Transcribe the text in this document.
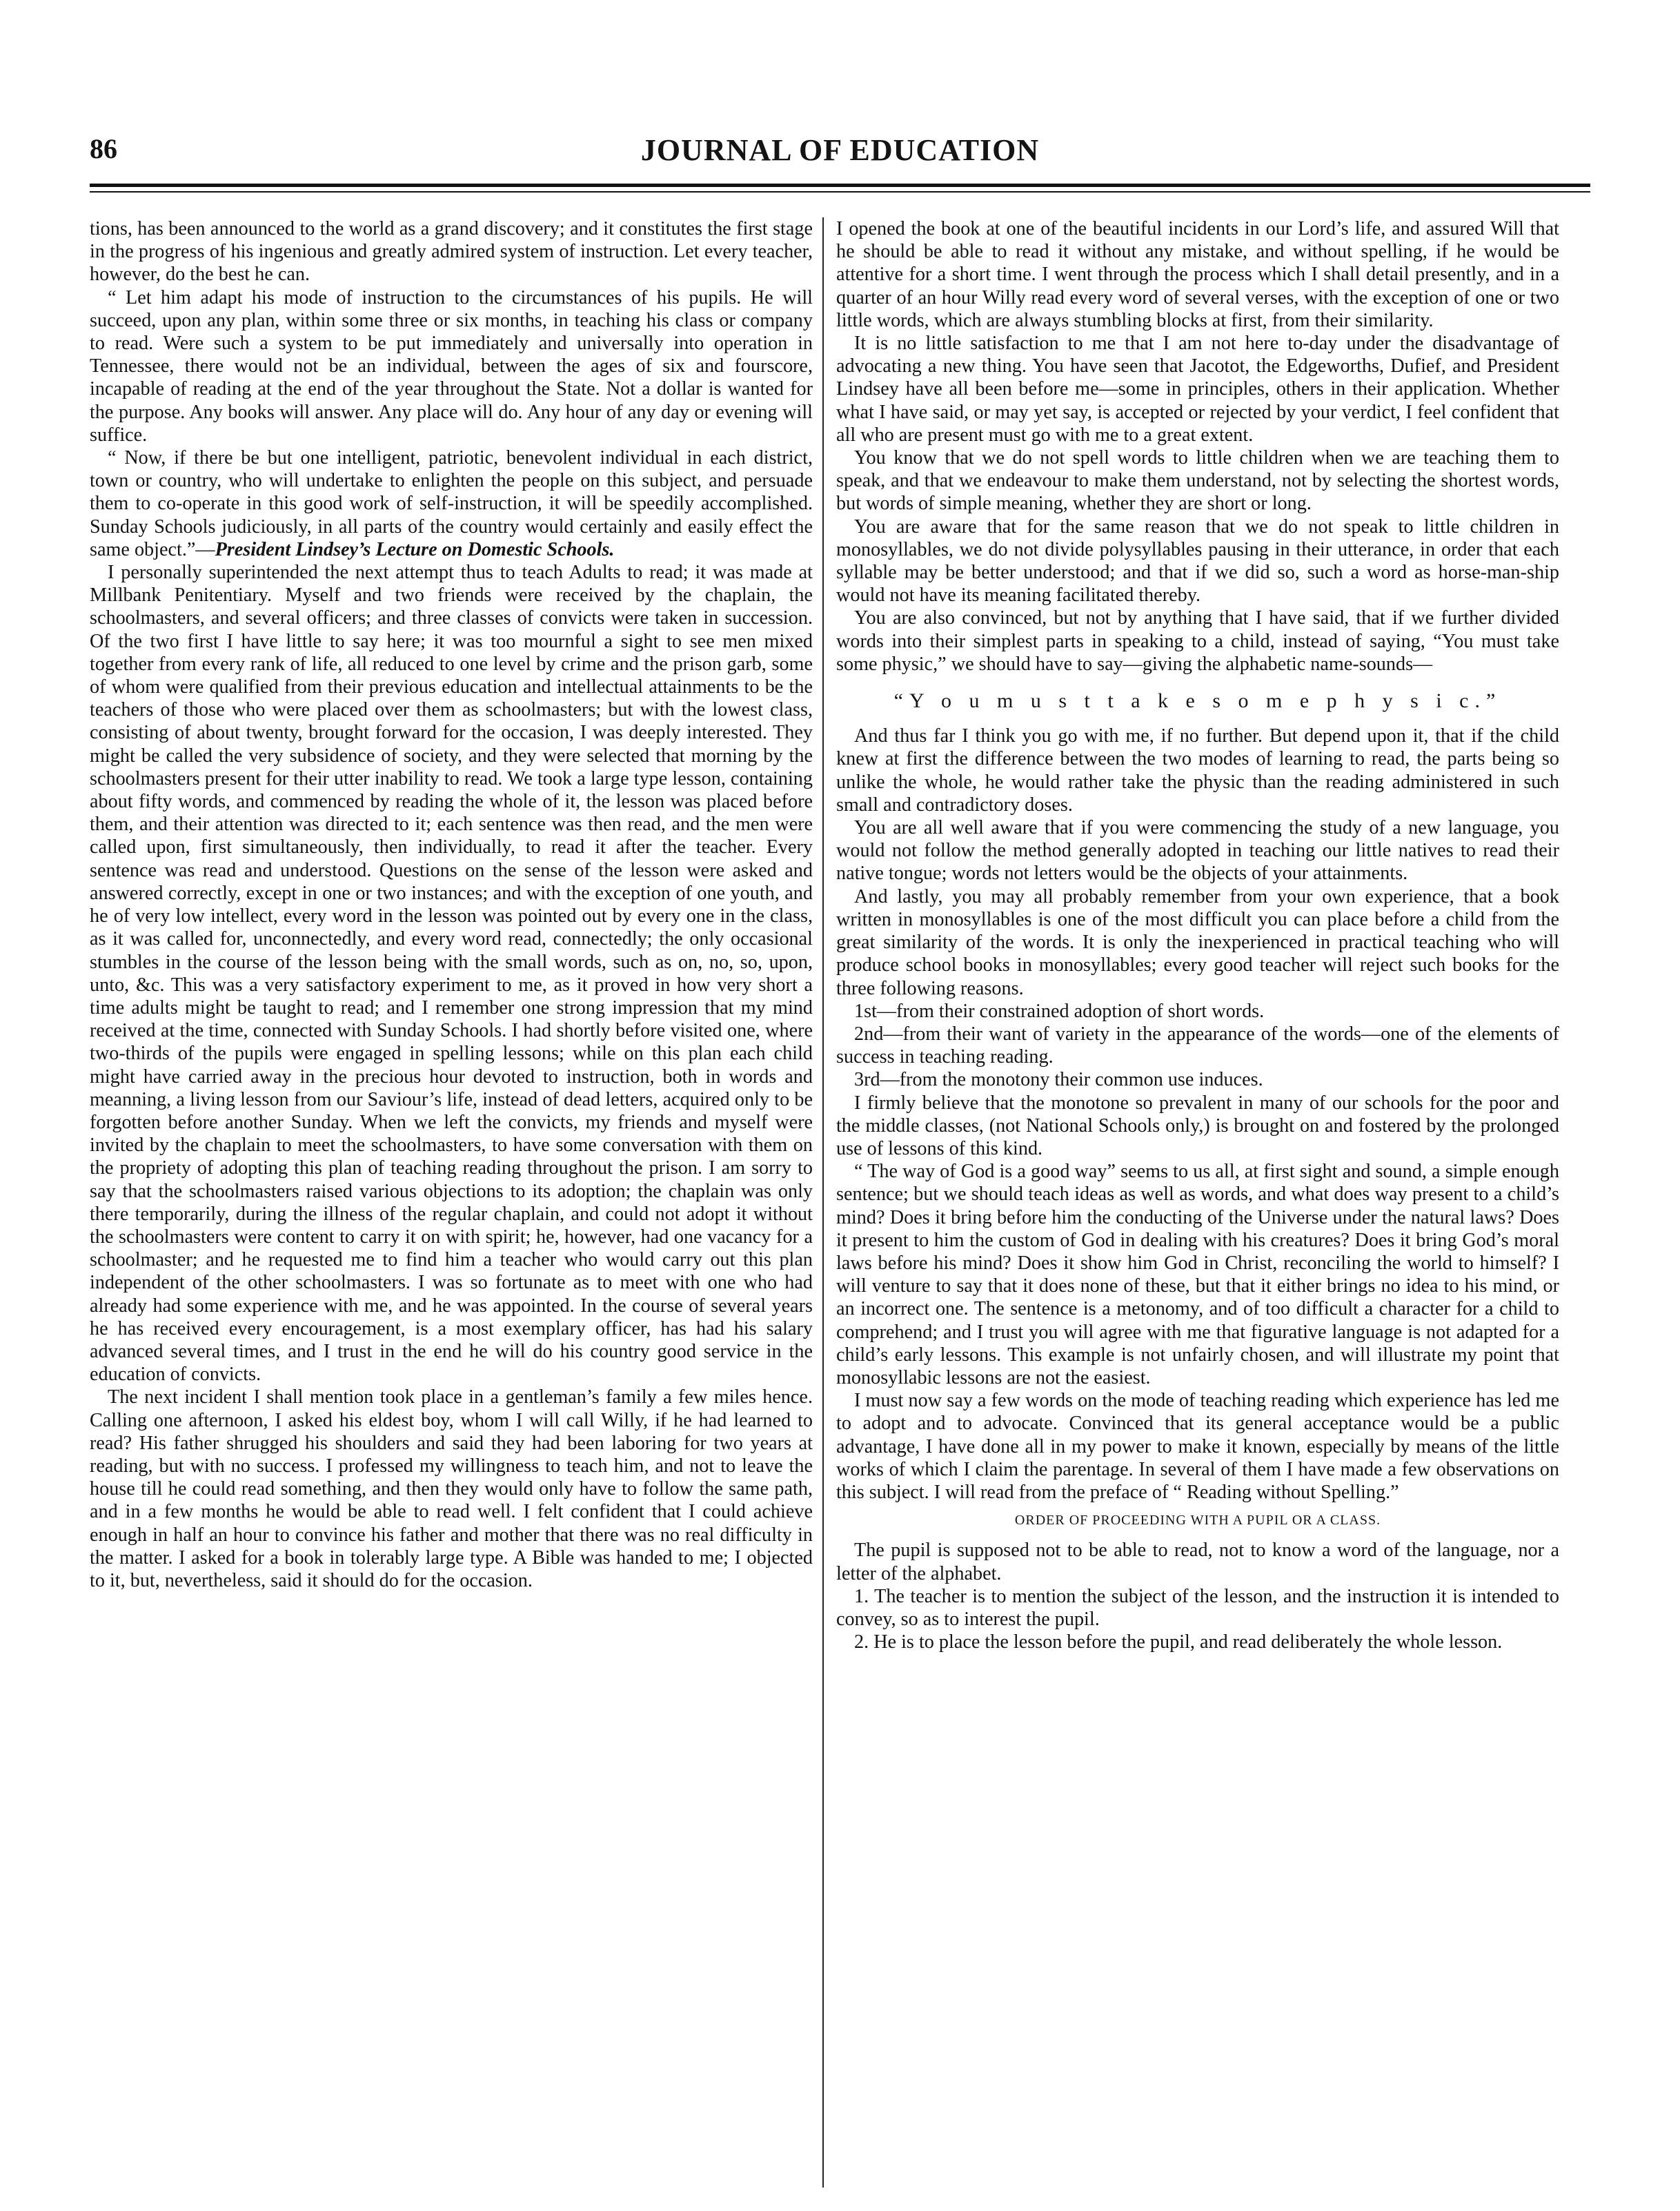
86	JOURNAL OF EDUCATION

tions, has been announced to the world as a grand discovery; and it constitutes the first stage in the progress of his ingenious and greatly admired system of instruction. Let every teacher, however, do the best he can.

“ Let him adapt his mode of instruction to the circumstances of his pupils. He will succeed, upon any plan, within some three or six months, in teaching his class or company to read. Were such a system to be put immediately and universally into operation in Tennessee, there would not be an individual, between the ages of six and fourscore, incapable of reading at the end of the year throughout the State. Not a dollar is wanted for the purpose. Any books will answer. Any place will do. Any hour of any day or evening will suffice.

“ Now, if there be but one intelligent, patriotic, benevolent individual in each district, town or country, who will undertake to enlighten the people on this subject, and persuade them to co-operate in this good work of self-instruction, it will be speedily accomplished. Sunday Schools judiciously, in all parts of the country would certainly and easily effect the same object.”—President Lindsey’s Lecture on Domestic Schools.

I personally superintended the next attempt thus to teach Adults to read; it was made at Millbank Penitentiary. Myself and two friends were received by the chaplain, the schoolmasters, and several officers; and three classes of convicts were taken in succession. Of the two first I have little to say here; it was too mournful a sight to see men mixed together from every rank of life, all reduced to one level by crime and the prison garb, some of whom were qualified from their previous education and intellectual attainments to be the teachers of those who were placed over them as schoolmasters; but with the lowest class, consisting of about twenty, brought forward for the occasion, I was deeply interested. They might be called the very subsidence of society, and they were selected that morning by the schoolmasters present for their utter inability to read. We took a large type lesson, containing about fifty words, and commenced by reading the whole of it, the lesson was placed before them, and their attention was directed to it; each sentence was then read, and the men were called upon, first simultaneously, then individually, to read it after the teacher. Every sentence was read and understood. Questions on the sense of the lesson were asked and answered correctly, except in one or two instances; and with the exception of one youth, and he of very low intellect, every word in the lesson was pointed out by every one in the class, as it was called for, unconnectedly, and every word read, connectedly; the only occasional stumbles in the course of the lesson being with the small words, such as on, no, so, upon, unto, &c. This was a very satisfactory experiment to me, as it proved in how very short a time adults might be taught to read; and I remember one strong impression that my mind received at the time, connected with Sunday Schools. I had shortly before visited one, where two-thirds of the pupils were engaged in spelling lessons; while on this plan each child might have carried away in the precious hour devoted to instruction, both in words and meanning, a living lesson from our Saviour’s life, instead of dead letters, acquired only to be forgotten before another Sunday. When we left the convicts, my friends and myself were invited by the chaplain to meet the schoolmasters, to have some conversation with them on the propriety of adopting this plan of teaching reading throughout the prison. I am sorry to say that the schoolmasters raised various objections to its adoption; the chaplain was only there temporarily, during the illness of the regular chaplain, and could not adopt it without the schoolmasters were content to carry it on with spirit; he, however, had one vacancy for a schoolmaster; and he requested me to find him a teacher who would carry out this plan independent of the other schoolmasters. I was so fortunate as to meet with one who had already had some experience with me, and he was appointed. In the course of several years he has received every encouragement, is a most exemplary officer, has had his salary advanced several times, and I trust in the end he will do his country good service in the education of convicts.

The next incident I shall mention took place in a gentleman’s family a few miles hence. Calling one afternoon, I asked his eldest boy, whom I will call Willy, if he had learned to read? His father shrugged his shoulders and said they had been laboring for two years at reading, but with no success. I professed my willingness to teach him, and not to leave the house till he could read something, and then they would only have to follow the same path, and in a few months he would be able to read well. I felt confident that I could achieve enough in half an hour to convince his father and mother that there was no real difficulty in the matter. I asked for a book in tolerably large type. A Bible was handed to me; I objected to it, but, nevertheless, said it should do for the occasion.

I opened the book at one of the beautiful incidents in our Lord’s life, and assured Will that he should be able to read it without any mistake, and without spelling, if he would be attentive for a short time. I went through the process which I shall detail presently, and in a quarter of an hour Willy read every word of several verses, with the exception of one or two little words, which are always stumbling blocks at first, from their similarity.

It is no little satisfaction to me that I am not here to-day under the disadvantage of advocating a new thing. You have seen that Jacotot, the Edgeworths, Dufief, and President Lindsey have all been before me—some in principles, others in their application. Whether what I have said, or may yet say, is accepted or rejected by your verdict, I feel confident that all who are present must go with me to a great extent.

You know that we do not spell words to little children when we are teaching them to speak, and that we endeavour to make them understand, not by selecting the shortest words, but words of simple meaning, whether they are short or long.

You are aware that for the same reason that we do not speak to little children in monosyllables, we do not divide polysyllables pausing in their utterance, in order that each syllable may be better understood; and that if we did so, such a word as horse-man-ship would not have its meaning facilitated thereby.

You are also convinced, but not by anything that I have said, that if we further divided words into their simplest parts in speaking to a child, instead of saying, “You must take some physic,” we should have to say—giving the alphabetic name-sounds—

“Y o u m u s t t a k e s o m e p h y s i c.”

And thus far I think you go with me, if no further. But depend upon it, that if the child knew at first the difference between the two modes of learning to read, the parts being so unlike the whole, he would rather take the physic than the reading administered in such small and contradictory doses.

You are all well aware that if you were commencing the study of a new language, you would not follow the method generally adopted in teaching our little natives to read their native tongue; words not letters would be the objects of your attainments.

And lastly, you may all probably remember from your own experience, that a book written in monosyllables is one of the most difficult you can place before a child from the great similarity of the words. It is only the inexperienced in practical teaching who will produce school books in monosyllables; every good teacher will reject such books for the three following reasons.

1st—from their constrained adoption of short words.

2nd—from their want of variety in the appearance of the words—one of the elements of success in teaching reading.

3rd—from the monotony their common use induces.

I firmly believe that the monotone so prevalent in many of our schools for the poor and the middle classes, (not National Schools only,) is brought on and fostered by the prolonged use of lessons of this kind.

“ The way of God is a good way” seems to us all, at first sight and sound, a simple enough sentence; but we should teach ideas as well as words, and what does way present to a child’s mind? Does it bring before him the conducting of the Universe under the natural laws? Does it present to him the custom of God in dealing with his creatures? Does it bring God’s moral laws before his mind? Does it show him God in Christ, reconciling the world to himself? I will venture to say that it does none of these, but that it either brings no idea to his mind, or an incorrect one. The sentence is a metonomy, and of too difficult a character for a child to comprehend; and I trust you will agree with me that figurative language is not adapted for a child’s early lessons. This example is not unfairly chosen, and will illustrate my point that monosyllabic lessons are not the easiest.

I must now say a few words on the mode of teaching reading which experience has led me to adopt and to advocate. Convinced that its general acceptance would be a public advantage, I have done all in my power to make it known, especially by means of the little works of which I claim the parentage. In several of them I have made a few observations on this subject. I will read from the preface of “ Reading without Spelling.”

ORDER OF PROCEEDING WITH A PUPIL OR A CLASS.

The pupil is supposed not to be able to read, not to know a word of the language, nor a letter of the alphabet.

1. The teacher is to mention the subject of the lesson, and the instruction it is intended to convey, so as to interest the pupil.

2. He is to place the lesson before the pupil, and read deliberately the whole lesson.
